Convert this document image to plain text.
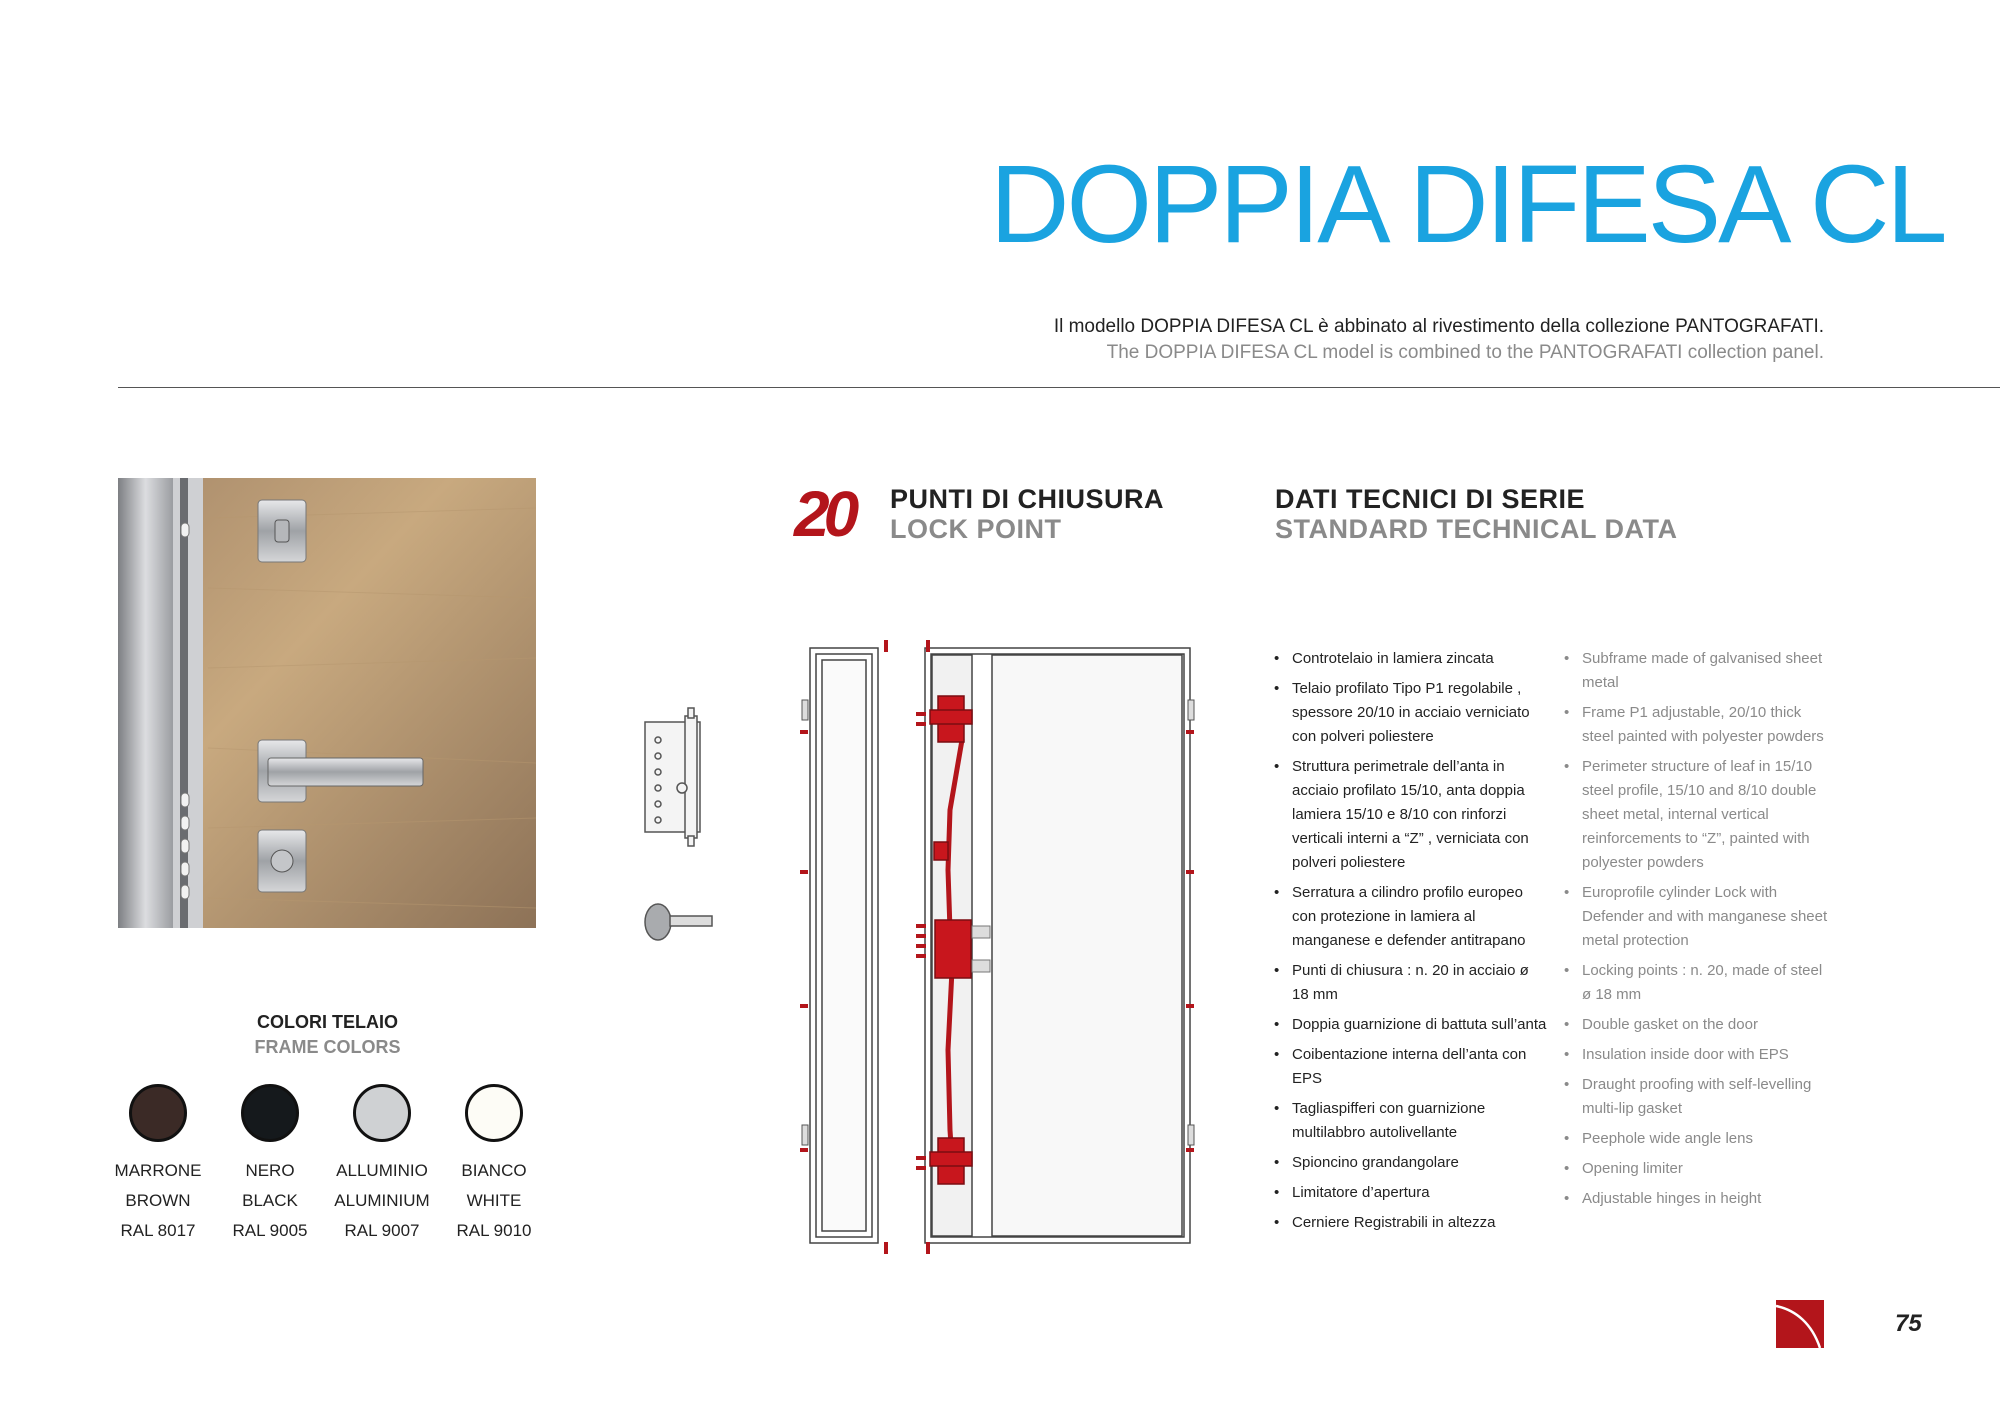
DOPPIA DIFESA CL
Il modello DOPPIA DIFESA CL è abbinato al rivestimento della collezione PANTOGRAFATI.
The DOPPIA DIFESA CL model is combined to the PANTOGRAFATI collection panel.
COLORI TELAIO
FRAME COLORS
MARRONE
BROWN
RAL 8017
NERO
BLACK
RAL 9005
ALLUMINIO
ALUMINIUM
RAL 9007
BIANCO
WHITE
RAL 9010
20 PUNTI DI CHIUSURA
LOCK POINT
DATI TECNICI DI SERIE
STANDARD TECHNICAL DATA
• Controtelaio in lamiera zincata
• Telaio profilato Tipo P1 regolabile , spessore 20/10 in acciaio verniciato con polveri poliestere
• Struttura perimetrale dell’anta in acciaio profilato 15/10, anta doppia lamiera 15/10 e 8/10 con rinforzi verticali interni a “Z” , verniciata con polveri poliestere
• Serratura a cilindro profilo europeo con protezione in lamiera al manganese e defender antitrapano
• Punti di chiusura : n. 20 in acciaio ø 18 mm
• Doppia guarnizione di battuta sull’anta
• Coibentazione interna dell’anta con EPS
• Tagliaspifferi con guarnizione multilabbro autolivellante
• Spioncino grandangolare
• Limitatore d’apertura
• Cerniere Registrabili in altezza
• Subframe made of galvanised sheet metal
• Frame P1 adjustable, 20/10 thick steel painted with polyester powders
• Perimeter structure of leaf in 15/10 steel profile, 15/10 and 8/10 double sheet metal, internal vertical reinforcements to “Z”, painted with polyester powders
• Europrofile cylinder Lock with Defender and with manganese sheet metal protection
• Locking points : n. 20, made of steel ø 18 mm
• Double gasket on the door
• Insulation inside door with EPS
• Draught proofing with self-levelling multi-lip gasket
• Peephole wide angle lens
• Opening limiter
• Adjustable hinges in height
75
